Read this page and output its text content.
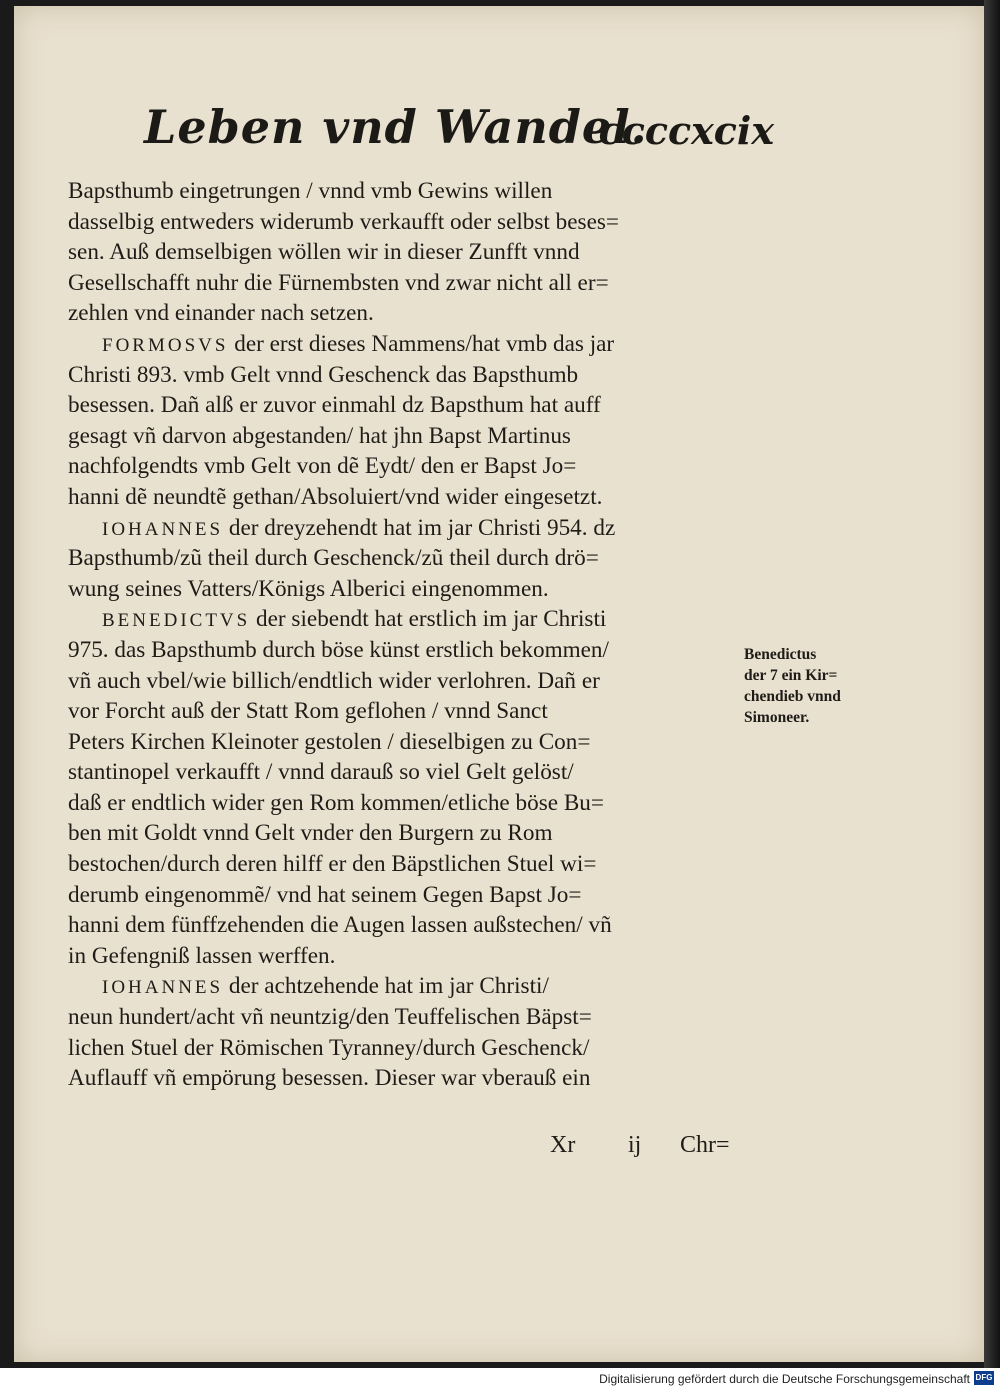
Leben vnd Wandel.
ccccxcix
Bapsthumb eingetrungen / vnnd vmb Gewins willen
dasselbig entweders widerumb verkaufft oder selbst beses=
sen. Auß demselbigen wöllen wir in dieser Zunfft vnnd
Gesellschafft nuhr die Fürnembsten vnd zwar nicht all er=
zehlen vnd einander nach setzen.
FORMOSVS der erst dieses Nammens/hat vmb das jar
Christi 893. vmb Gelt vnnd Geschenck das Bapsthumb
besessen. Dañ alß er zuvor einmahl dz Bapsthum hat auff
gesagt vñ darvon abgestanden/ hat jhn Bapst Martinus
nachfolgendts vmb Gelt von dẽ Eydt/ den er Bapst Jo=
hanni dẽ neundtẽ gethan/Absoluiert/vnd wider eingesetzt.
IOHANNES der dreyzehendt hat im jar Christi 954. dz
Bapsthumb/zũ theil durch Geschenck/zũ theil durch drö=
wung seines Vatters/Königs Alberici eingenommen.
BENEDICTVS der siebendt hat erstlich im jar Christi
975. das Bapsthumb durch böse künst erstlich bekommen/
vñ auch vbel/wie billich/endtlich wider verlohren. Dañ er
vor Forcht auß der Statt Rom geflohen / vnnd Sanct
Peters Kirchen Kleinoter gestolen / dieselbigen zu Con=
stantinopel verkaufft / vnnd darauß so viel Gelt gelöst/
daß er endtlich wider gen Rom kommen/etliche böse Bu=
ben mit Goldt vnnd Gelt vnder den Burgern zu Rom
bestochen/durch deren hilff er den Bäpstlichen Stuel wi=
derumb eingenommẽ/ vnd hat seinem Gegen Bapst Jo=
hanni dem fünffzehenden die Augen lassen außstechen/ vñ
in Gefengniß lassen werffen.
IOHANNES der achtzehende hat im jar Christi/
neun hundert/acht vñ neuntzig/den Teuffelischen Bäpst=
lichen Stuel der Römischen Tyranney/durch Geschenck/
Auflauff vñ empörung besessen. Dieser war vberauß ein
Benedictus
der 7 ein Kir=
chendieb vnnd
Simoneer.
Xr ij Chr=
Digitalisierung gefördert durch die Deutsche Forschungsgemeinschaft DFG
